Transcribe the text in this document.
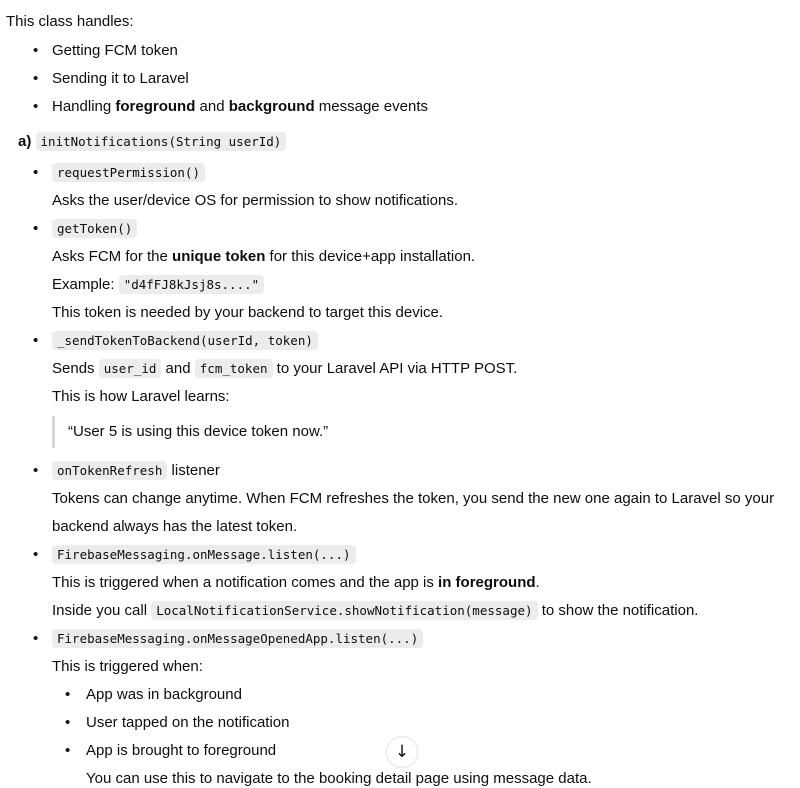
This class handles:

• Getting FCM token
• Sending it to Laravel
• Handling foreground and background message events

a) initNotifications(String userId)

• requestPermission()

Asks the user/device OS for permission to show notifications.

• getToken()

Asks FCM for the unique token for this device+app installation.

Example: "d4fFJ8kJsj8s...."

This token is needed by your backend to target this device.

• _sendTokenToBackend(userId, token)

Sends user_id and fcm_token to your Laravel API via HTTP POST.

This is how Laravel learns:

“User 5 is using this device token now.”

• onTokenRefresh listener

Tokens can change anytime. When FCM refreshes the token, you send the new one again to Laravel so your backend always has the latest token.

• FirebaseMessaging.onMessage.listen(...)

This is triggered when a notification comes and the app is in foreground.

Inside you call LocalNotificationService.showNotification(message) to show the notification.

• FirebaseMessaging.onMessageOpenedApp.listen(...)

This is triggered when:

• App was in background
• User tapped on the notification
• App is brought to foreground

You can use this to navigate to the booking detail page using message data.

↓
